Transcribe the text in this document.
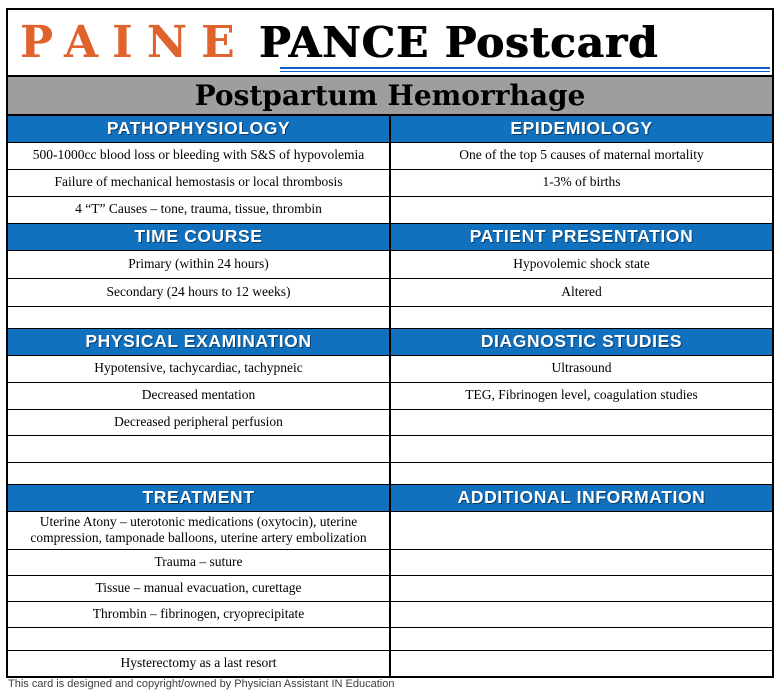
PAINE PANCE Postcard
Postpartum Hemorrhage
PATHOPHYSIOLOGY	EPIDEMIOLOGY
500-1000cc blood loss or bleeding with S&S of hypovolemia	One of the top 5 causes of maternal mortality
Failure of mechanical hemostasis or local thrombosis	1-3% of births
4 “T” Causes – tone, trauma, tissue, thrombin	
TIME COURSE	PATIENT PRESENTATION
Primary (within 24 hours)	Hypovolemic shock state
Secondary (24 hours to 12 weeks)	Altered

PHYSICAL EXAMINATION	DIAGNOSTIC STUDIES
Hypotensive, tachycardiac, tachypneic	Ultrasound
Decreased mentation	TEG, Fibrinogen level, coagulation studies
Decreased peripheral perfusion	

TREATMENT	ADDITIONAL INFORMATION
Uterine Atony – uterotonic medications (oxytocin), uterine compression, tamponade balloons, uterine artery embolization	
Trauma – suture	
Tissue – manual evacuation, curettage	
Thrombin – fibrinogen, cryoprecipitate	

Hysterectomy as a last resort	
This card is designed and copyright/owned by Physician Assistant IN Education
